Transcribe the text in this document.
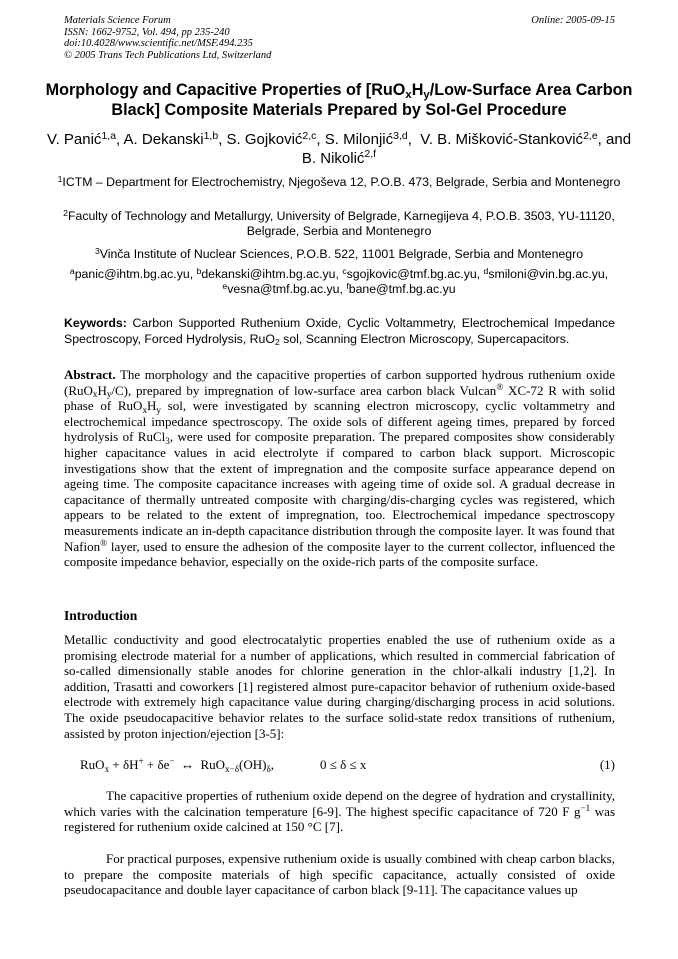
Materials Science Forum
ISSN: 1662-9752, Vol. 494, pp 235-240
doi:10.4028/www.scientific.net/MSF.494.235
© 2005 Trans Tech Publications Ltd, Switzerland
Online: 2005-09-15
Morphology and Capacitive Properties of [$RuO_xH_y/Low$-Surface Area Carbon Black] Composite Materials Prepared by Sol-Gel Procedure
V. Panić$^{1,a}$, A. Dekanski$^{1,b}$, S. Gojković$^{2,c}$, S. Milonjić$^{3,d}$,  V. B. Mišković-Stanković$^{2,e}$, and B. Nikolić$^{2,f}$
$^1$ICTM – Department for Electrochemistry, Njegoševa 12, P.O.B. 473, Belgrade, Serbia and Montenegro
$^2$Faculty of Technology and Metallurgy, University of Belgrade, Karnegijeva 4, P.O.B. 3503, YU-11120, Belgrade, Serbia and Montenegro
$^3$Vinča Institute of Nuclear Sciences, P.O.B. 522, 11001 Belgrade, Serbia and Montenegro
$^a$panic@ihtm.bg.ac.yu, $^b$dekanski@ihtm.bg.ac.yu, $^c$sgojkovic@tmf.bg.ac.yu, $^d$smiloni@vin.bg.ac.yu, $^e$vesna@tmf.bg.ac.yu, $^f$bane@tmf.bg.ac.yu
Keywords: Carbon Supported Ruthenium Oxide, Cyclic Voltammetry, Electrochemical Impedance Spectroscopy, Forced Hydrolysis, RuO$_2$ sol, Scanning Electron Microscopy, Supercapacitors.
Abstract. The morphology and the capacitive properties of carbon supported hydrous ruthenium oxide $(RuO_xH_y/C)$, prepared by impregnation of low-surface area carbon black Vulcan® XC-72 R with solid phase of $RuO_xH_y$ sol, were investigated by scanning electron microscopy, cyclic voltammetry and electrochemical impedance spectroscopy. The oxide sols of different ageing times, prepared by forced hydrolysis of RuCl$_3$, were used for composite preparation. The prepared composites show considerably higher capacitance values in acid electrolyte if compared to carbon black support. Microscopic investigations show that the extent of impregnation and the composite surface appearance depend on ageing time. The composite capacitance increases with ageing time of oxide sol. A gradual decrease in capacitance of thermally untreated composite with charging/dis-charging cycles was registered, which appears to be related to the extent of impregnation, too. Electrochemical impedance spectroscopy measurements indicate an in-depth capacitance distribution through the composite layer. It was found that Nafion® layer, used to ensure the adhesion of the composite layer to the current collector, influenced the composite impedance behavior, especially on the oxide-rich parts of the composite surface.
Introduction
Metallic conductivity and good electrocatalytic properties enabled the use of ruthenium oxide as a promising electrode material for a number of applications, which resulted in commercial fabrication of so-called dimensionally stable anodes for chlorine generation in the chlor-alkali industry [1,2]. In addition, Trasatti and coworkers [1] registered almost pure-capacitor behavior of ruthenium oxide-based electrode with extremely high capacitance value during charging/discharging process in acid solutions. The oxide pseudocapacitive behavior relates to the surface solid-state redox transitions of ruthenium, assisted by proton injection/ejection [3-5]:
RuO$_x$ + δH+ + δe−  ↔  $RuO_{x-\delta}(OH)_\delta$,	0 ≤ δ ≤ x	(1)
The capacitive properties of ruthenium oxide depend on the degree of hydration and crystallinity, which varies with the calcination temperature [6-9]. The highest specific capacitance of 720 F $g^{-1}$ was registered for ruthenium oxide calcined at 150 °C [7].
For practical purposes, expensive ruthenium oxide is usually combined with cheap carbon blacks, to prepare the composite materials of high specific capacitance, actually consisted of oxide pseudocapacitance and double layer capacitance of carbon black [9-11]. The capacitance values up
